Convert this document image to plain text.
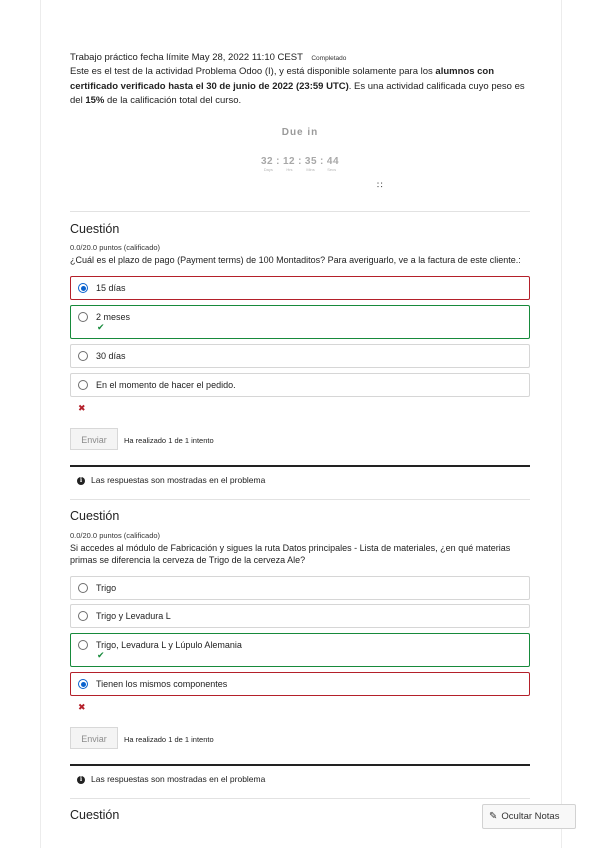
Trabajo práctico fecha límite May 28, 2022 11:10 CEST Completado
Este es el test de la actividad Problema Odoo (I), y está disponible solamente para los alumnos con certificado verificado hasta el 30 de junio de 2022 (23:59 UTC). Es una actividad calificada cuyo peso es del 15% de la calificación total del curso.
Due in
32 : 12 : 35 : 44
Days	Hrs	Mins	Secs
∷
Cuestión
0.0/20.0 puntos (calificado)
¿Cuál es el plazo de pago (Payment terms) de 100 Montaditos? Para averiguarlo, ve a la factura de este cliente.:
15 días
2 meses
✔
30 días
En el momento de hacer el pedido.
✖
Enviar	Ha realizado 1 de 1 intento
i	Las respuestas son mostradas en el problema
Cuestión
0.0/20.0 puntos (calificado)
Si accedes al módulo de Fabricación y sigues la ruta Datos principales - Lista de materiales, ¿en qué materias primas se diferencia la cerveza de Trigo de la cerveza Ale?
Trigo
Trigo y Levadura L
Trigo, Levadura L y Lúpulo Alemania
✔
Tienen los mismos componentes
✖
Enviar	Ha realizado 1 de 1 intento
i	Las respuestas son mostradas en el problema
Cuestión	✎ Ocultar Notas
